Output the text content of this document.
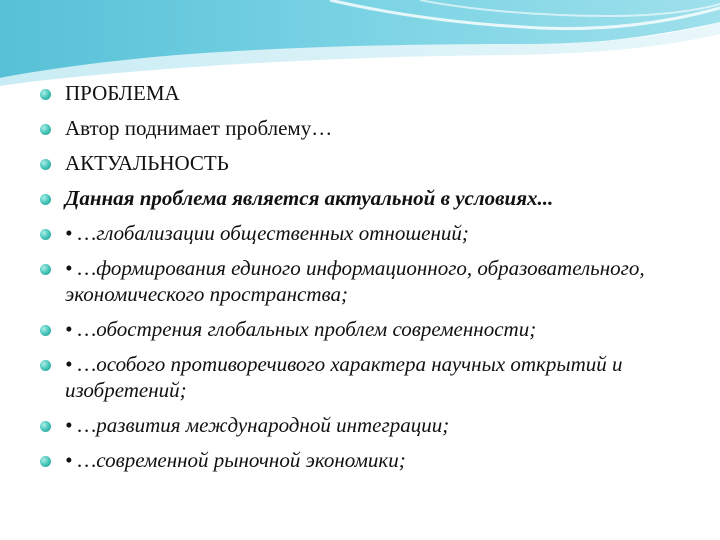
ПРОБЛЕМА
Автор поднимает проблему…
АКТУАЛЬНОСТЬ
Данная проблема является актуальной в условиях...
• …глобализации общественных отношений;
• …формирования единого информационного, образовательного, экономического пространства;
• …обострения глобальных проблем современности;
• …особого противоречивого характера научных открытий и изобретений;
• …развития международной интеграции;
• …современной рыночной экономики;
